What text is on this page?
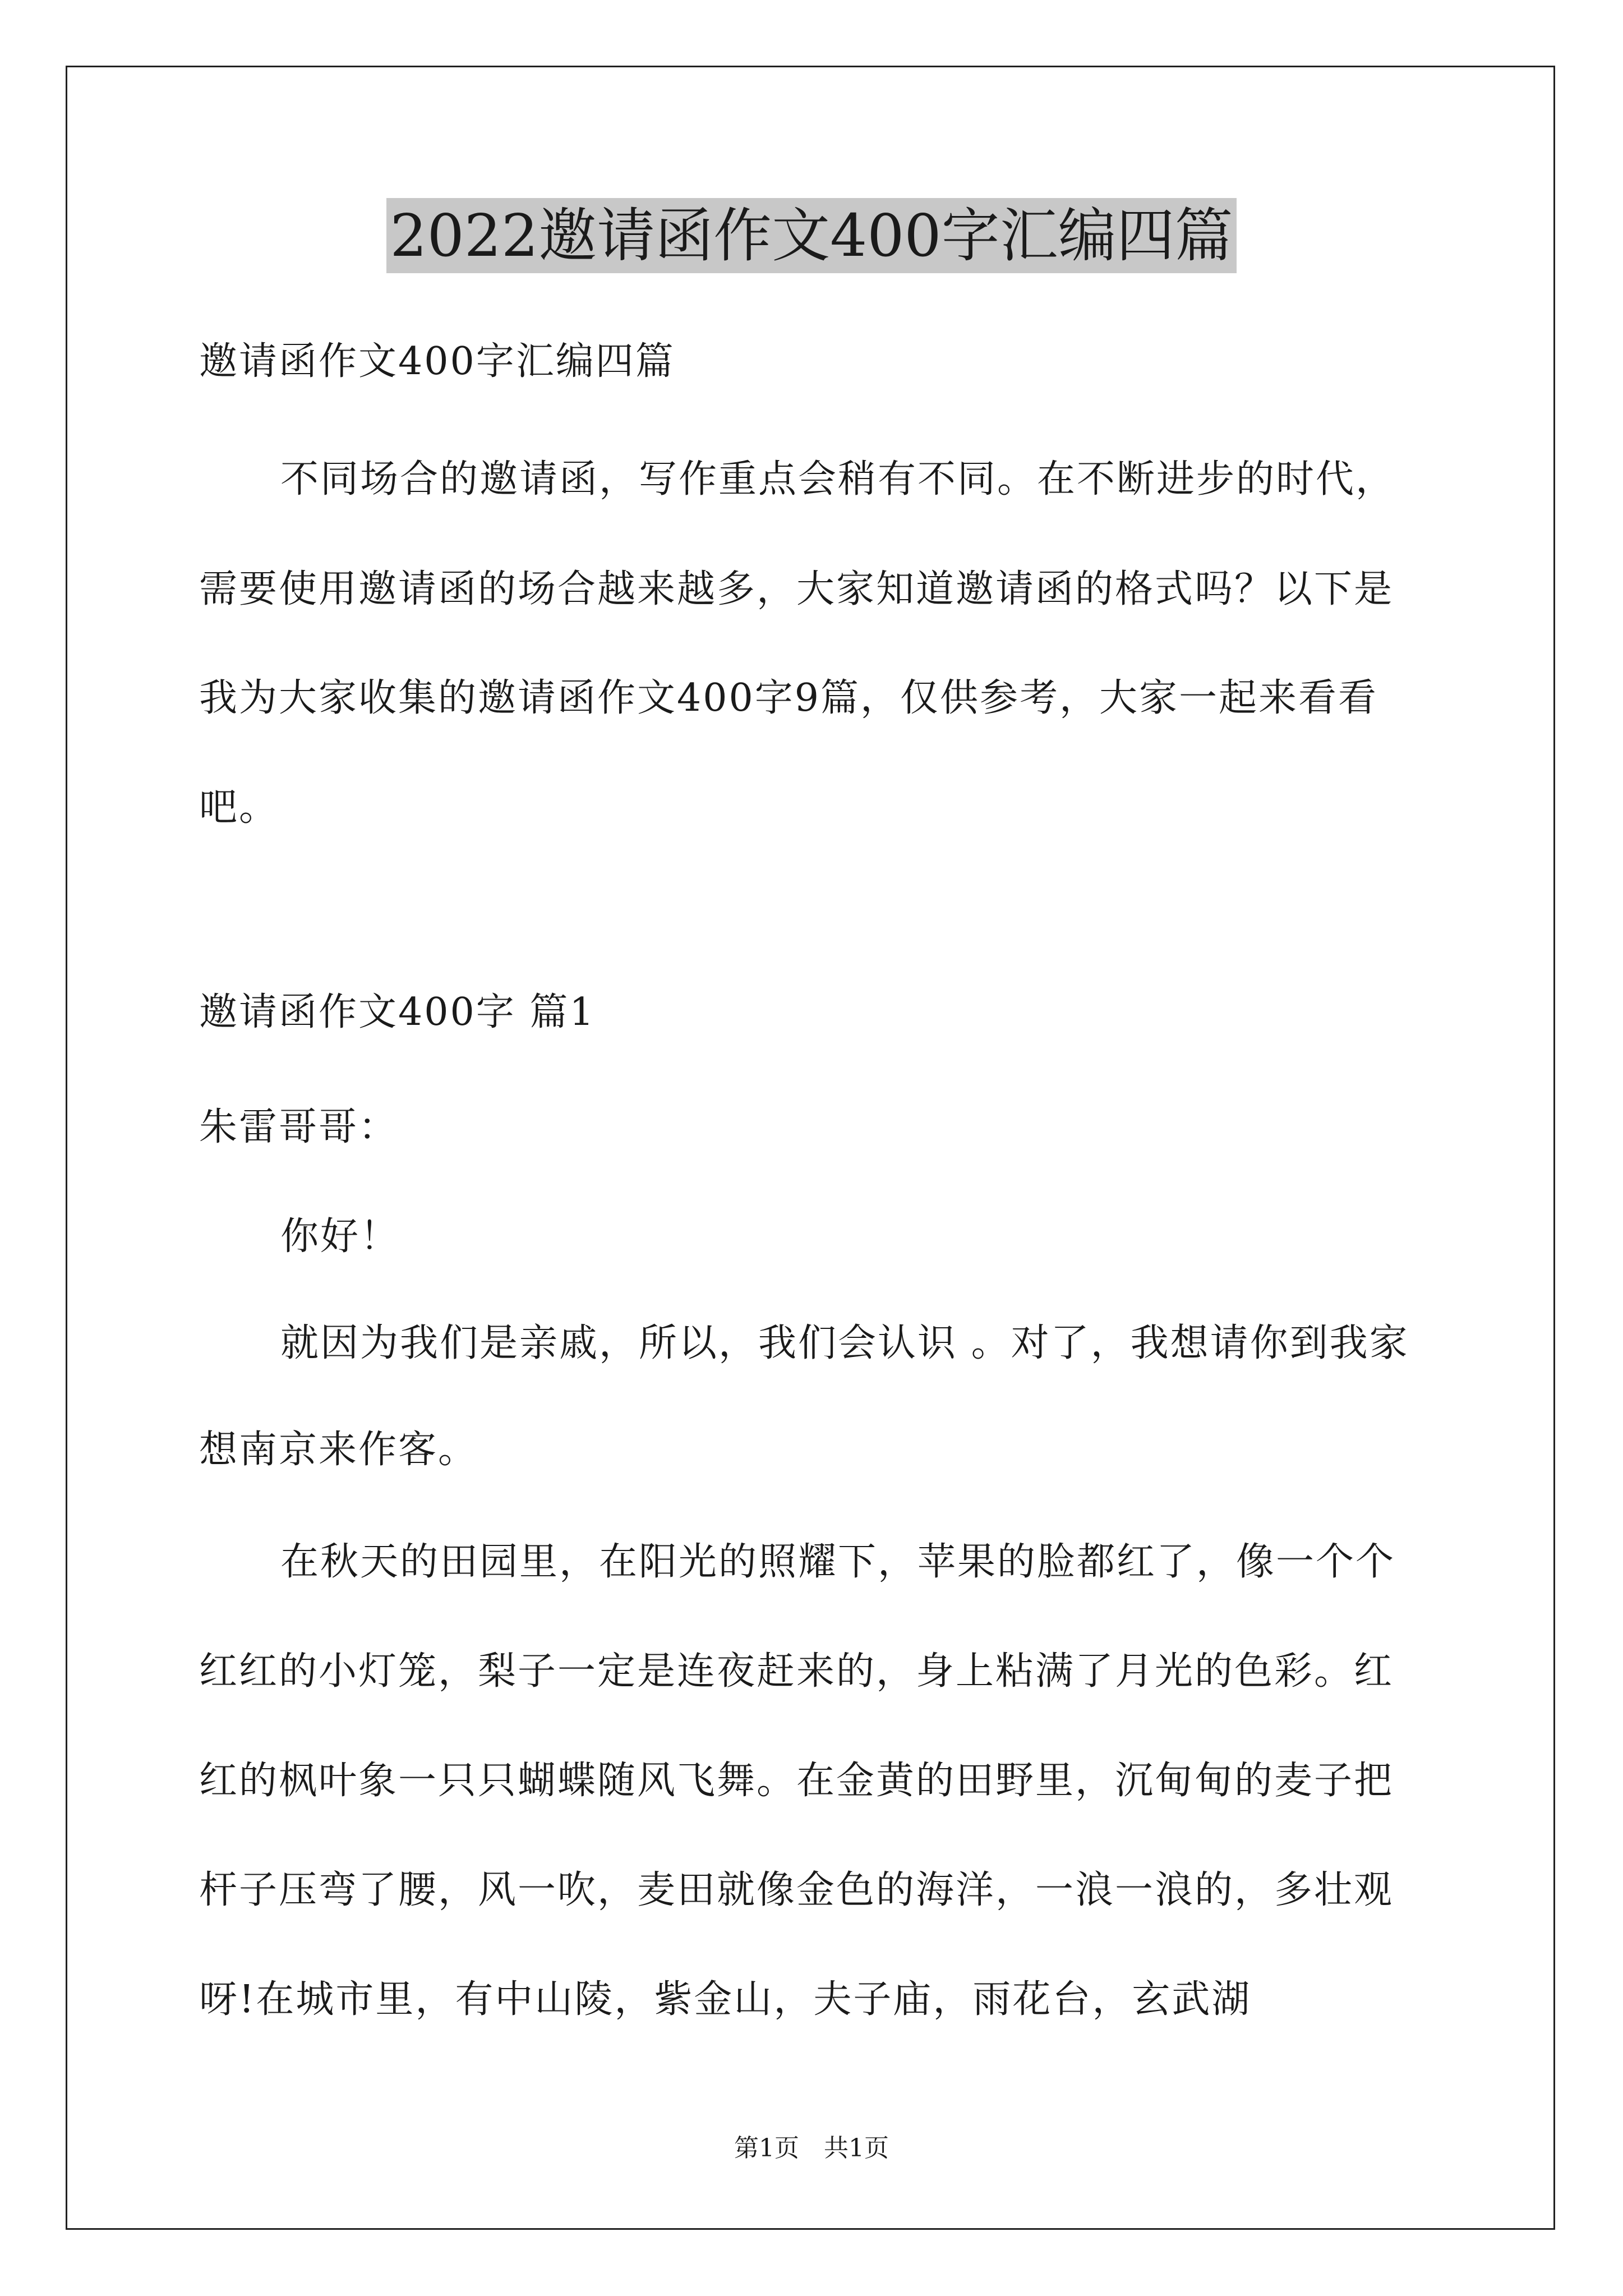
2022邀请函作文400字汇编四篇
邀请函作文400字汇编四篇
不同场合的邀请函，写作重点会稍有不同。在不断进步的时代，
需要使用邀请函的场合越来越多，大家知道邀请函的格式吗？以下是
我为大家收集的邀请函作文400字9篇，仅供参考，大家一起来看看
吧。
邀请函作文400字 篇1
朱雷哥哥：
你好！
就因为我们是亲戚，所以，我们会认识 。对了，我想请你到我家
想南京来作客。
在秋天的田园里，在阳光的照耀下，苹果的脸都红了，像一个个
红红的小灯笼，梨子一定是连夜赶来的，身上粘满了月光的色彩。红
红的枫叶象一只只蝴蝶随风飞舞。在金黄的田野里，沉甸甸的麦子把
杆子压弯了腰，风一吹，麦田就像金色的海洋，一浪一浪的，多壮观
呀!在城市里，有中山陵，紫金山，夫子庙，雨花台，玄武湖
第1页　共1页
